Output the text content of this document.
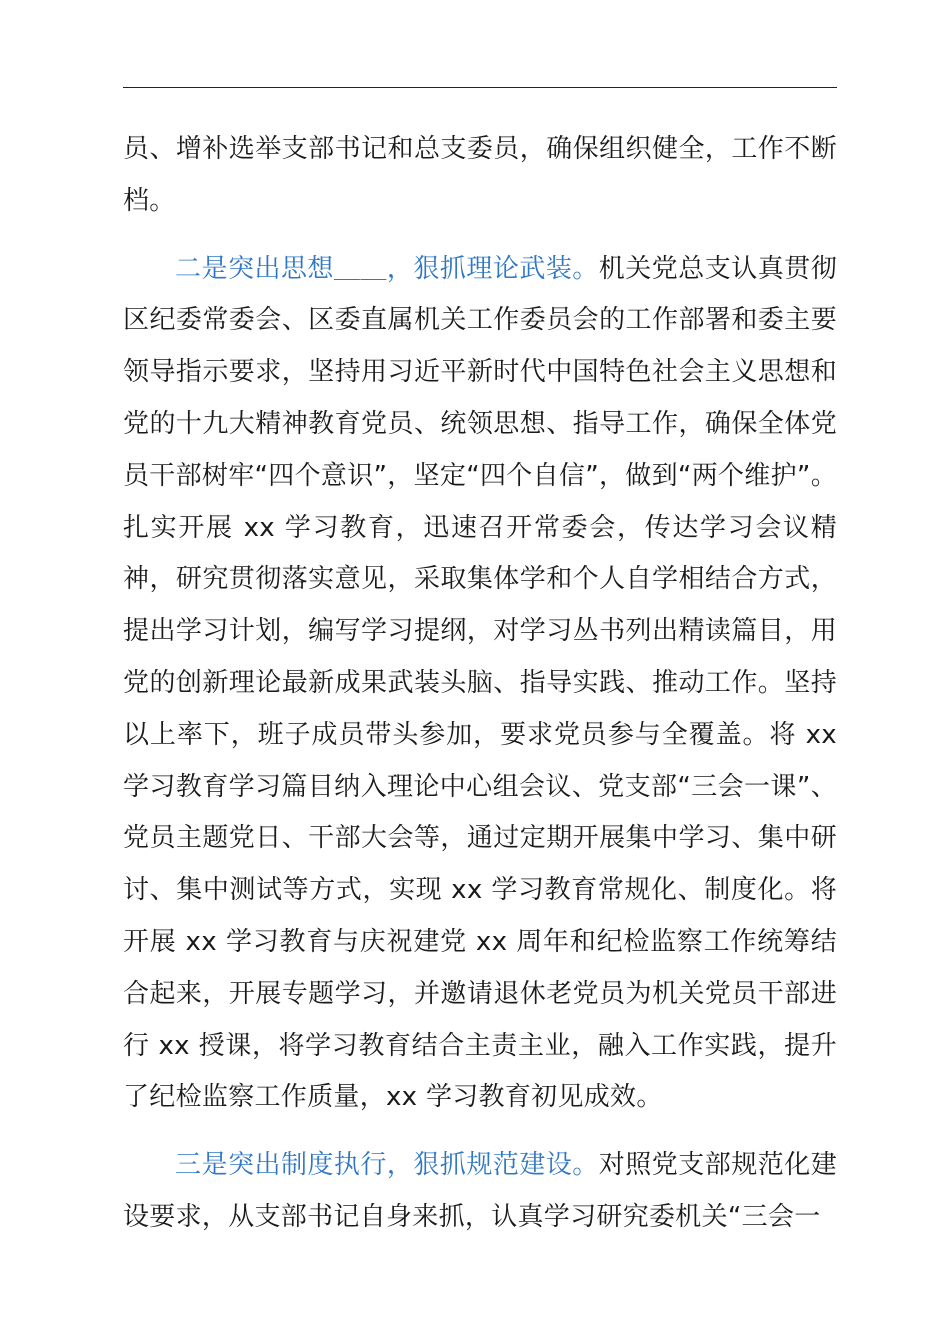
员、增补选举支部书记和总支委员，确保组织健全，工作不断档。

二是突出思想＿＿，狠抓理论武装。机关党总支认真贯彻区纪委常委会、区委直属机关工作委员会的工作部署和委主要领导指示要求，坚持用习近平新时代中国特色社会主义思想和党的十九大精神教育党员、统领思想、指导工作，确保全体党员干部树牢“四个意识”，坚定“四个自信”，做到“两个维护”。扎实开展 xx 学习教育，迅速召开常委会，传达学习会议精神，研究贯彻落实意见，采取集体学和个人自学相结合方式，提出学习计划，编写学习提纲，对学习丛书列出精读篇目，用党的创新理论最新成果武装头脑、指导实践、推动工作。坚持以上率下，班子成员带头参加，要求党员参与全覆盖。将 xx 学习教育学习篇目纳入理论中心组会议、党支部“三会一课”、党员主题党日、干部大会等，通过定期开展集中学习、集中研讨、集中测试等方式，实现 xx 学习教育常规化、制度化。将开展 xx 学习教育与庆祝建党 xx 周年和纪检监察工作统筹结合起来，开展专题学习，并邀请退休老党员为机关党员干部进行 xx 授课，将学习教育结合主责主业，融入工作实践，提升了纪检监察工作质量，xx 学习教育初见成效。

三是突出制度执行，狠抓规范建设。对照党支部规范化建设要求，从支部书记自身来抓，认真学习研究委机关“三会一
